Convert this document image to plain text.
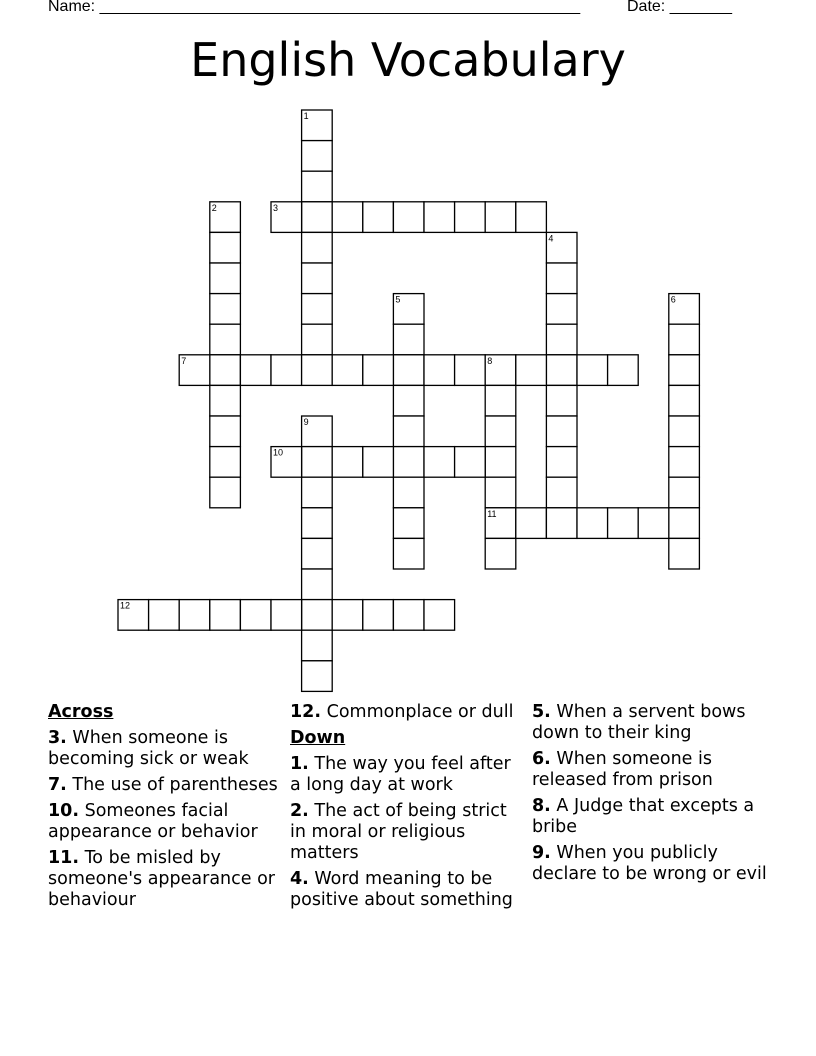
Name: ______________________________________________________	Date: _______
English Vocabulary
1
2	3
4
5	6
7	8
9
10
11
12
Across
3. When someone is becoming sick or weak
7. The use of parentheses
10. Someones facial appearance or behavior
11. To be misled by someone's appearance or behaviour
12. Commonplace or dull
Down
1. The way you feel after a long day at work
2. The act of being strict in moral or religious matters
4. Word meaning to be positive about something
5. When a servent bows down to their king
6. When someone is released from prison
8. A Judge that excepts a bribe
9. When you publicly declare to be wrong or evil
